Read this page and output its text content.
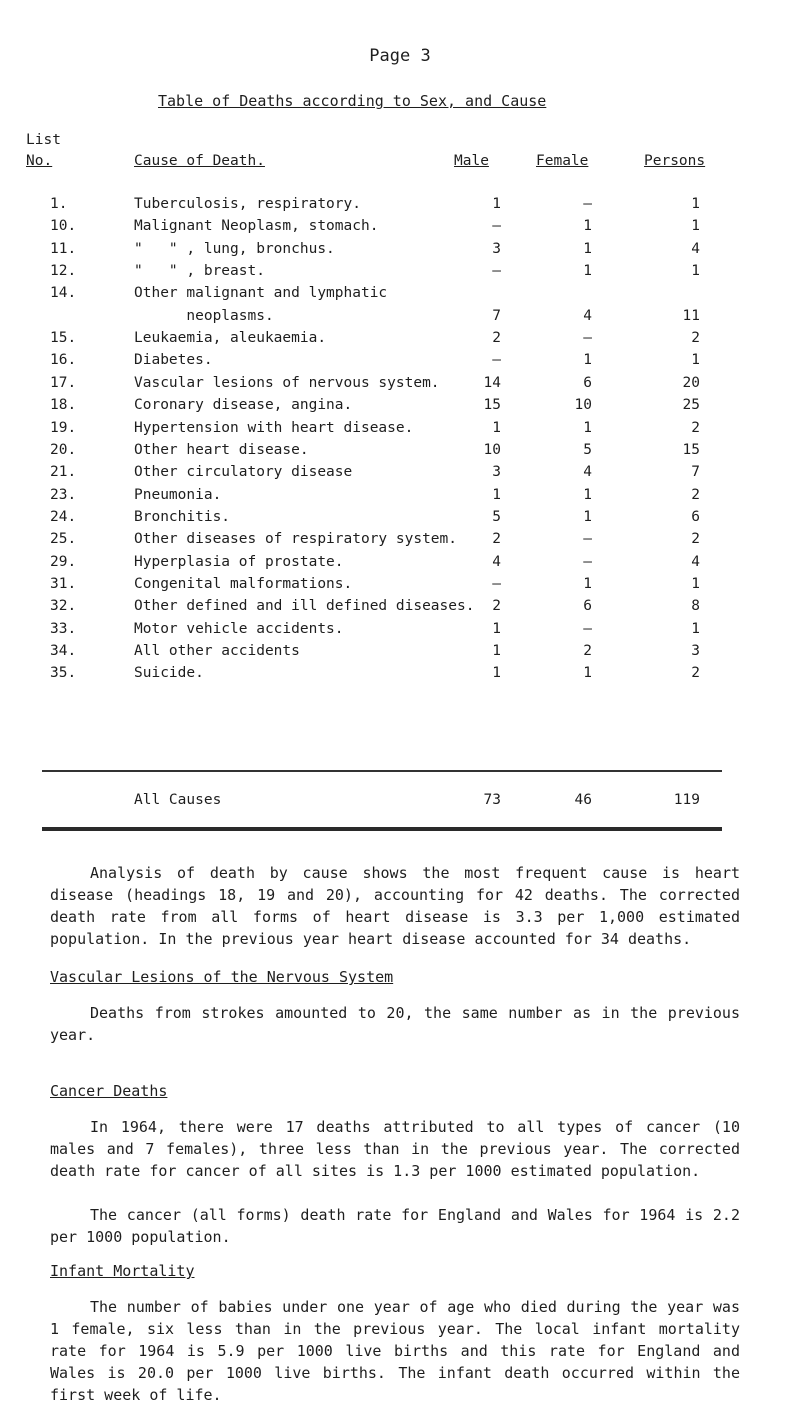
Page 3
Table of Deaths according to Sex, and Cause
List
No.	Cause of Death.	Male	Female	Persons
1.	Tuberculosis, respiratory.	1	–	1
10.	Malignant Neoplasm, stomach.	–	1	1
11.	"   " , lung, bronchus.	3	1	4
12.	"   " , breast.	–	1	1
14.	Other malignant and lymphatic
neoplasms.	7	4	11
15.	Leukaemia, aleukaemia.	2	–	2
16.	Diabetes.	–	1	1
17.	Vascular lesions of nervous system.	14	6	20
18.	Coronary disease, angina.	15	10	25
19.	Hypertension with heart disease.	1	1	2
20.	Other heart disease.	10	5	15
21.	Other circulatory disease	3	4	7
23.	Pneumonia.	1	1	2
24.	Bronchitis.	5	1	6
25.	Other diseases of respiratory system.	2	–	2
29.	Hyperplasia of prostate.	4	–	4
31.	Congenital malformations.	–	1	1
32.	Other defined and ill defined diseases.	2	6	8
33.	Motor vehicle accidents.	1	–	1
34.	All other accidents	1	2	3
35.	Suicide.	1	1	2
All Causes	73	46	119
Analysis of death by cause shows the most frequent cause is heart disease (headings 18, 19 and 20), accounting for 42 deaths. The corrected death rate from all forms of heart disease is 3.3 per 1,000 estimated population. In the previous year heart disease accounted for 34 deaths.
Vascular Lesions of the Nervous System
Deaths from strokes amounted to 20, the same number as in the previous year.
Cancer Deaths
In 1964, there were 17 deaths attributed to all types of cancer (10 males and 7 females), three less than in the previous year. The corrected death rate for cancer of all sites is 1.3 per 1000 estimated population.
The cancer (all forms) death rate for England and Wales for 1964 is 2.2 per 1000 population.
Infant Mortality
The number of babies under one year of age who died during the year was 1 female, six less than in the previous year. The local infant mortality rate for 1964 is 5.9 per 1000 live births and this rate for England and Wales is 20.0 per 1000 live births. The infant death occurred within the first week of life.
